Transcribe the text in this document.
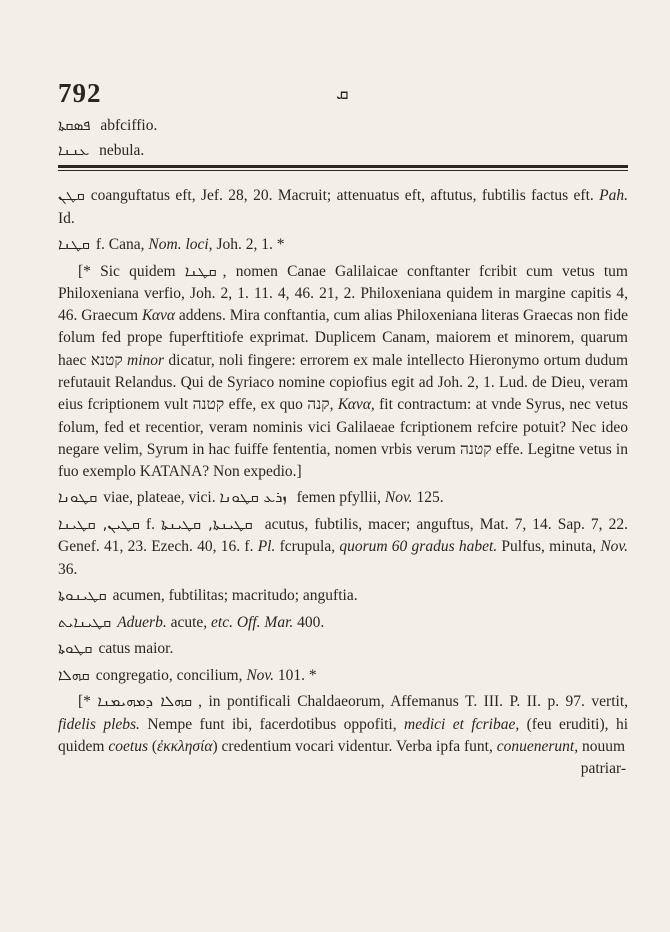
792	ܩ
ܦܣܩܬܐ abfciffio.
ܥܢܢܐ nebula.
ܩܛܢ coanguftatus eft, Jef. 28, 20. Macruit; attenuatus eft, aftutus, fubtilis factus eft. Pah. Id.
ܩܛܢܐ f. Cana, Nom. loci, Joh. 2, 1. *
[* Sic quidem ܩܛܢܐ , nomen Canae Galilaicae conftanter fcribit cum vetus tum Philoxeniana verfio, Joh. 2, 1. 11. 4, 46. 21, 2. Philoxeniana quidem in margine capitis 4, 46. Graecum Κανα addens. Mira conftantia, cum alias Philoxeniana literas Graecas non fide folum fed prope fuperftitiofe exprimat. Duplicem Canam, maiorem et minorem, quarum haec קטנא minor dicatur, noli fingere: errorem ex male intellecto Hieronymo ortum dudum refutauit Relandus. Qui de Syriaco nomine copiofius egit ad Joh. 2, 1. Lud. de Dieu, veram eius fcriptionem vult קטנה effe, ex quo קנה, Κανα, fit contractum: at vnde Syrus, nec vetus folum, fed et recentior, veram nominis vici Galilaeae fcriptionem refcire potuit? Nec ideo negare velim, Syrum in hac fuiffe fententia, nomen vrbis verum קטנה effe. Legitne vetus in fuo exemplo KATANA? Non expedio.]
ܩܛܘܢܐ viae, plateae, vici. ܙܪܥ ܩܛܘܢܐ femen pfyllii, Nov. 125.
ܩܛܝܢ, ܩܛܝܢܐ f. ܩܛܝܢܬܐ, ܩܛܝܢܬܐ acutus, fubtilis, macer; anguftus, Mat. 7, 14. Sap. 7, 22. Genef. 41, 23. Ezech. 40, 16. f. Pl. fcrupula, quorum 60 gradus habet. Pulfus, minuta, Nov. 36.
ܩܛܝܢܘܬܐ acumen, fubtilitas; macritudo; anguftia.
ܩܛܝܢܐܝܬ Aduerb. acute, etc. Off. Mar. 400.
ܩܛܘܬܐ catus maior.
ܩܗܠܐ congregatio, concilium, Nov. 101. *
[* ܩܗܠܐ ܕܡܗܝܡܢܐ , in pontificali Chaldaeorum, Affemanus T. III. P. II. p. 97. vertit, fidelis plebs. Nempe funt ibi, facerdotibus oppofiti, medici et fcribae, (feu eruditi), hi quidem coetus (ἐκκλησία) credentium vocari videntur. Verba ipfa funt, conuenerunt, nouum
patriar-
